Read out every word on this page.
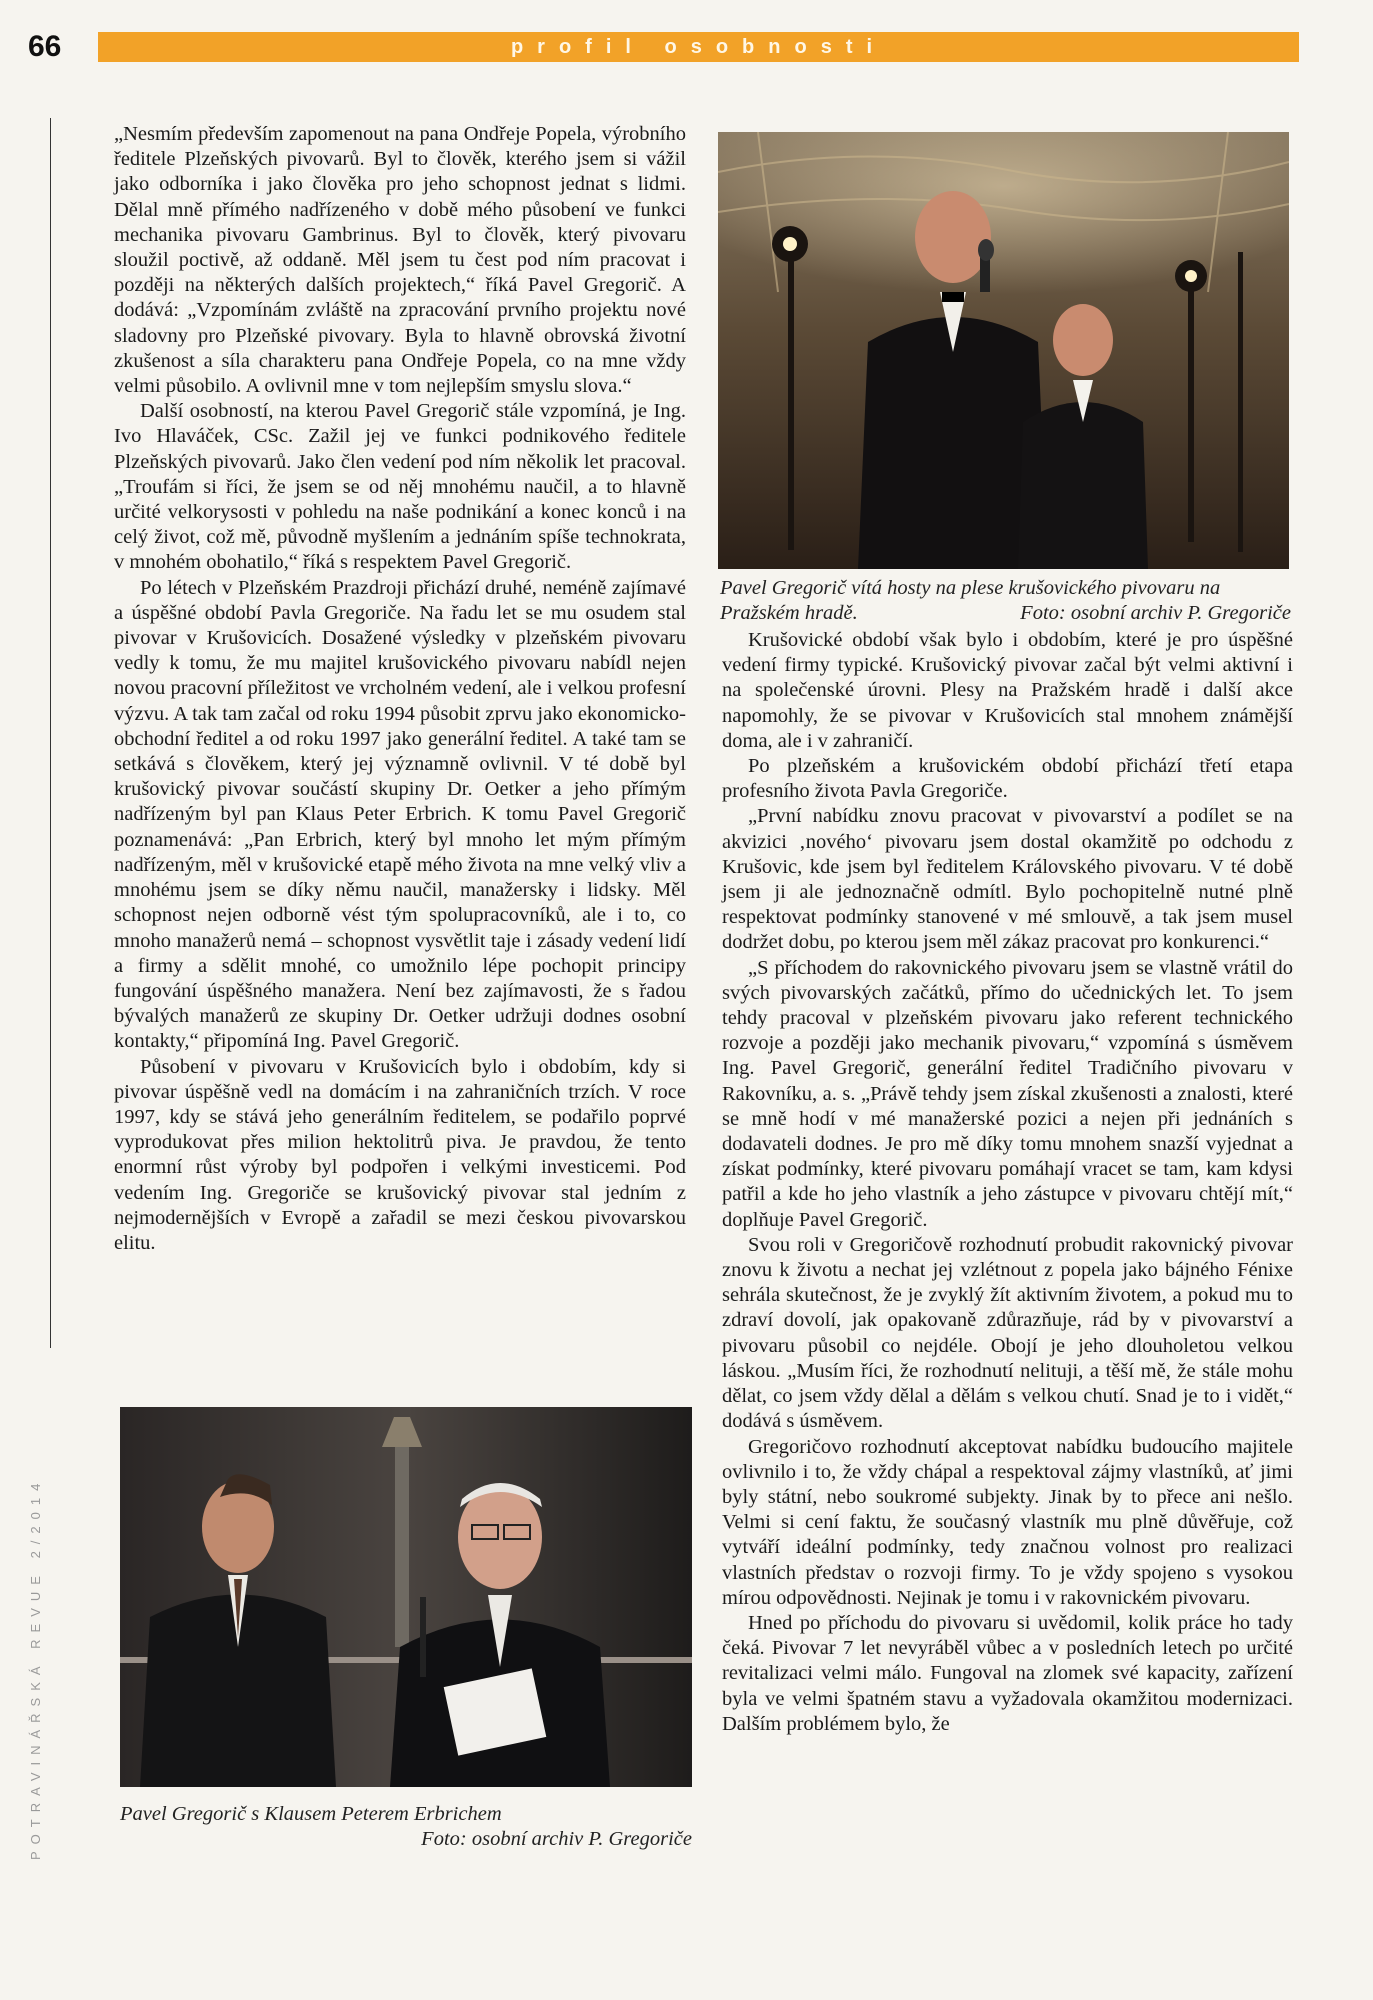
66	profil osobnosti
POTRAVINÁŘSKÁ REVUE 2/2014

„Nesmím především zapomenout na pana Ondřeje Popela, výrobního ředitele Plzeňských pivovarů. Byl to člověk, kterého jsem si vážil jako odborníka i jako člověka pro jeho schopnost jednat s lidmi. Dělal mně přímého nadřízeného v době mého působení ve funkci mechanika pivovaru Gambrinus. Byl to člověk, který pivovaru sloužil poctivě, až oddaně. Měl jsem tu čest pod ním pracovat i později na některých dalších projektech,“ říká Pavel Gregorič. A dodává: „Vzpomínám zvláště na zpracování prvního projektu nové sladovny pro Plzeňské pivovary. Byla to hlavně obrovská životní zkušenost a síla charakteru pana Ondřeje Popela, co na mne vždy velmi působilo. A ovlivnil mne v tom nejlepším smyslu slova.“

Další osobností, na kterou Pavel Gregorič stále vzpomíná, je Ing. Ivo Hlaváček, CSc. Zažil jej ve funkci podnikového ředitele Plzeňských pivovarů. Jako člen vedení pod ním několik let pracoval. „Troufám si říci, že jsem se od něj mnohému naučil, a to hlavně určité velkorysosti v pohledu na naše podnikání a konec konců i na celý život, což mě, původně myšlením a jednáním spíše technokrata, v mnohém obohatilo,“ říká s respektem Pavel Gregorič.

Po létech v Plzeňském Prazdroji přichází druhé, neméně zajímavé a úspěšné období Pavla Gregoriče. Na řadu let se mu osudem stal pivovar v Krušovicích. Dosažené výsledky v plzeňském pivovaru vedly k tomu, že mu majitel krušovického pivovaru nabídl nejen novou pracovní příležitost ve vrcholném vedení, ale i velkou profesní výzvu. A tak tam začal od roku 1994 působit zprvu jako ekonomicko-obchodní ředitel a od roku 1997 jako generální ředitel. A také tam se setkává s člověkem, který jej významně ovlivnil. V té době byl krušovický pivovar součástí skupiny Dr. Oetker a jeho přímým nadřízeným byl pan Klaus Peter Erbrich. K tomu Pavel Gregorič poznamenává: „Pan Erbrich, který byl mnoho let mým přímým nadřízeným, měl v krušovické etapě mého života na mne velký vliv a mnohému jsem se díky němu naučil, manažersky i lidsky. Měl schopnost nejen odborně vést tým spolupracovníků, ale i to, co mnoho manažerů nemá – schopnost vysvětlit taje i zásady vedení lidí a firmy a sdělit mnohé, co umožnilo lépe pochopit principy fungování úspěšného manažera. Není bez zajímavosti, že s řadou bývalých manažerů ze skupiny Dr. Oetker udržuji dodnes osobní kontakty,“ připomíná Ing. Pavel Gregorič.

Působení v pivovaru v Krušovicích bylo i obdobím, kdy si pivovar úspěšně vedl na domácím i na zahraničních trzích. V roce 1997, kdy se stává jeho generálním ředitelem, se podařilo poprvé vyprodukovat přes milion hektolitrů piva. Je pravdou, že tento enormní růst výroby byl podpořen i velkými investicemi. Pod vedením Ing. Gregoriče se krušovický pivovar stal jedním z nejmodernějších v Evropě a zařadil se mezi českou pivovarskou elitu.

Pavel Gregorič vítá hosty na plese krušovického pivovaru na Pražském hradě.	Foto: osobní archiv P. Gregoriče

Krušovické období však bylo i obdobím, které je pro úspěšné vedení firmy typické. Krušovický pivovar začal být velmi aktivní i na společenské úrovni. Plesy na Pražském hradě i další akce napomohly, že se pivovar v Krušovicích stal mnohem známější doma, ale i v zahraničí.

Po plzeňském a krušovickém období přichází třetí etapa profesního života Pavla Gregoriče.

„První nabídku znovu pracovat v pivovarství a podílet se na akvizici ‚nového‘ pivovaru jsem dostal okamžitě po odchodu z Krušovic, kde jsem byl ředitelem Královského pivovaru. V té době jsem ji ale jednoznačně odmítl. Bylo pochopitelně nutné plně respektovat podmínky stanovené v mé smlouvě, a tak jsem musel dodržet dobu, po kterou jsem měl zákaz pracovat pro konkurenci.“

„S příchodem do rakovnického pivovaru jsem se vlastně vrátil do svých pivovarských začátků, přímo do učednických let. To jsem tehdy pracoval v plzeňském pivovaru jako referent technického rozvoje a později jako mechanik pivovaru,“ vzpomíná s úsměvem Ing. Pavel Gregorič, generální ředitel Tradičního pivovaru v Rakovníku, a. s. „Právě tehdy jsem získal zkušenosti a znalosti, které se mně hodí v mé manažerské pozici a nejen při jednáních s dodavateli dodnes. Je pro mě díky tomu mnohem snazší vyjednat a získat podmínky, které pivovaru pomáhají vracet se tam, kam kdysi patřil a kde ho jeho vlastník a jeho zástupce v pivovaru chtějí mít,“ doplňuje Pavel Gregorič.

Svou roli v Gregoričově rozhodnutí probudit rakovnický pivovar znovu k životu a nechat jej vzlétnout z popela jako bájného Fénixe sehrála skutečnost, že je zvyklý žít aktivním životem, a pokud mu to zdraví dovolí, jak opakovaně zdůrazňuje, rád by v pivovarství a pivovaru působil co nejdéle. Obojí je jeho dlouholetou velkou láskou. „Musím říci, že rozhodnutí nelituji, a těší mě, že stále mohu dělat, co jsem vždy dělal a dělám s velkou chutí. Snad je to i vidět,“ dodává s úsměvem.

Gregoričovo rozhodnutí akceptovat nabídku budoucího majitele ovlivnilo i to, že vždy chápal a respektoval zájmy vlastníků, ať jimi byly státní, nebo soukromé subjekty. Jinak by to přece ani nešlo. Velmi si cení faktu, že současný vlastník mu plně důvěřuje, což vytváří ideální podmínky, tedy značnou volnost pro realizaci vlastních představ o rozvoji firmy. To je vždy spojeno s vysokou mírou odpovědnosti. Nejinak je tomu i v rakovnickém pivovaru.

Hned po příchodu do pivovaru si uvědomil, kolik práce ho tady čeká. Pivovar 7 let nevyráběl vůbec a v posledních letech po určité revitalizaci velmi málo. Fungoval na zlomek své kapacity, zařízení byla ve velmi špatném stavu a vyžadovala okamžitou modernizaci. Dalším problémem bylo, že

Pavel Gregorič s Klausem Peterem Erbrichem
Foto: osobní archiv P. Gregoriče
